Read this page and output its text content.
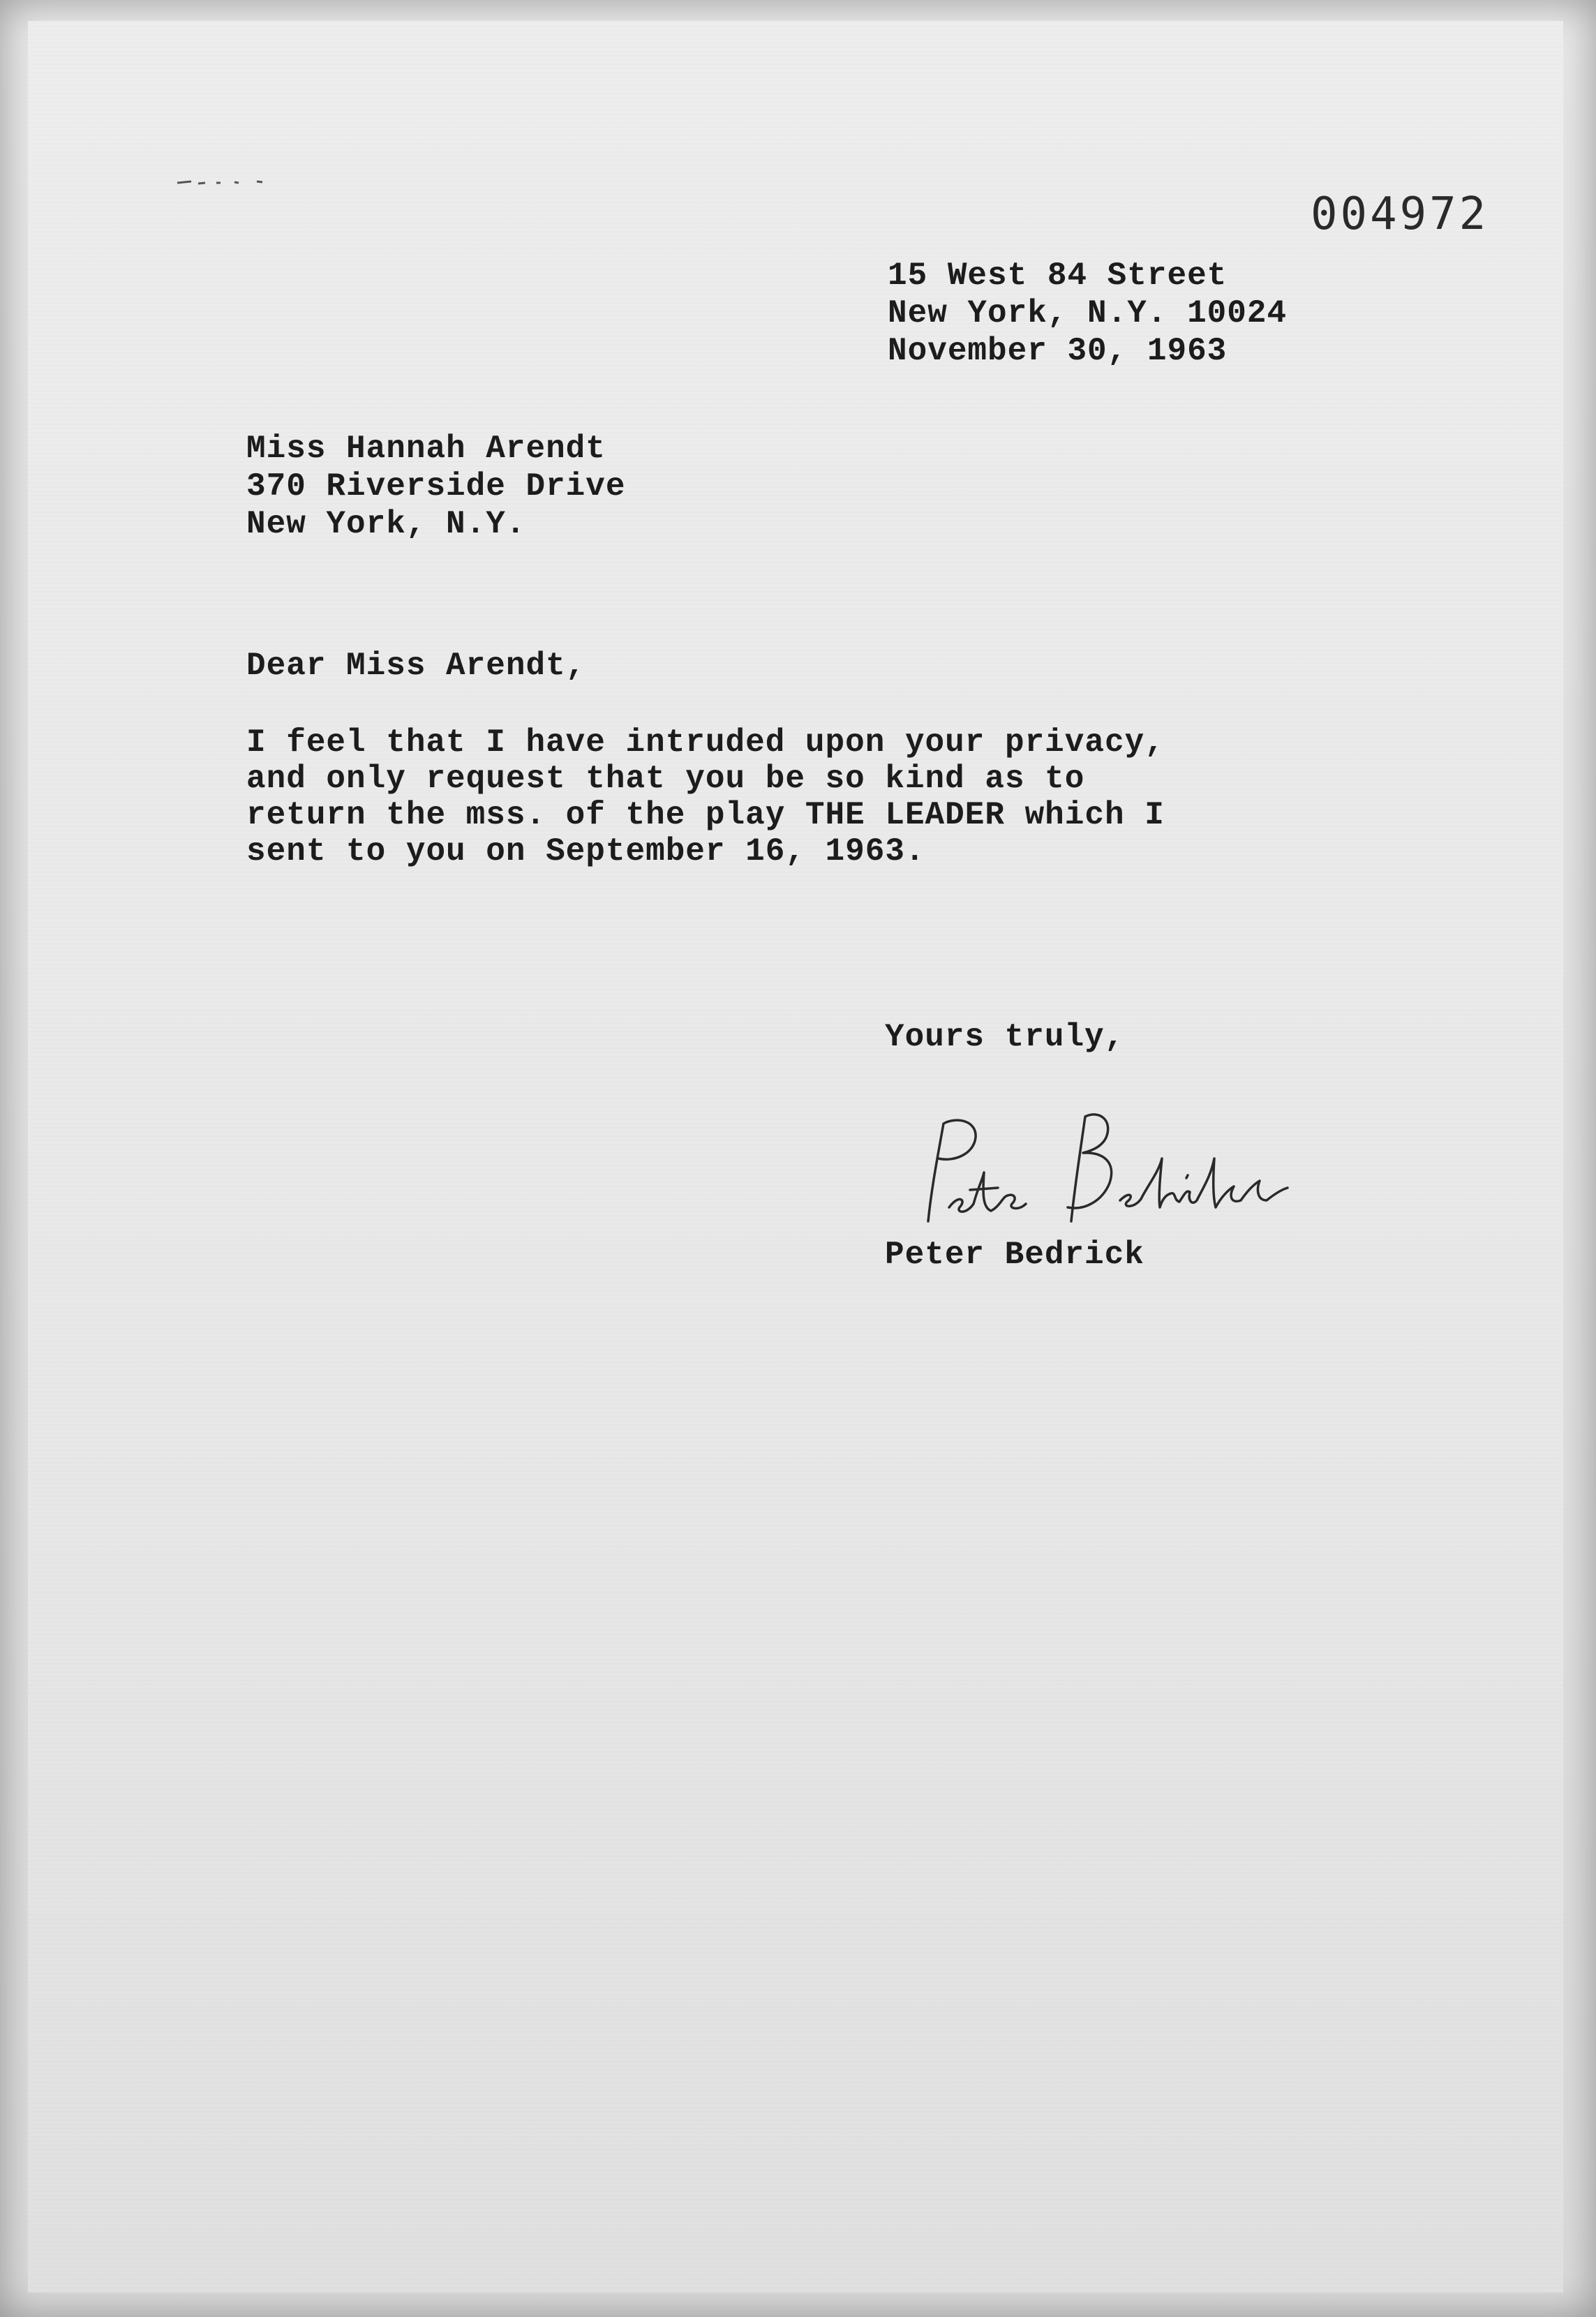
004972
15 West 84 Street
New York, N.Y. 10024
November 30, 1963
Miss Hannah Arendt
370 Riverside Drive
New York, N.Y.
Dear Miss Arendt,
I feel that I have intruded upon your privacy,
and only request that you be so kind as to
return the mss. of the play THE LEADER which I
sent to you on September 16, 1963.
Yours truly,
Peter Bedrick
